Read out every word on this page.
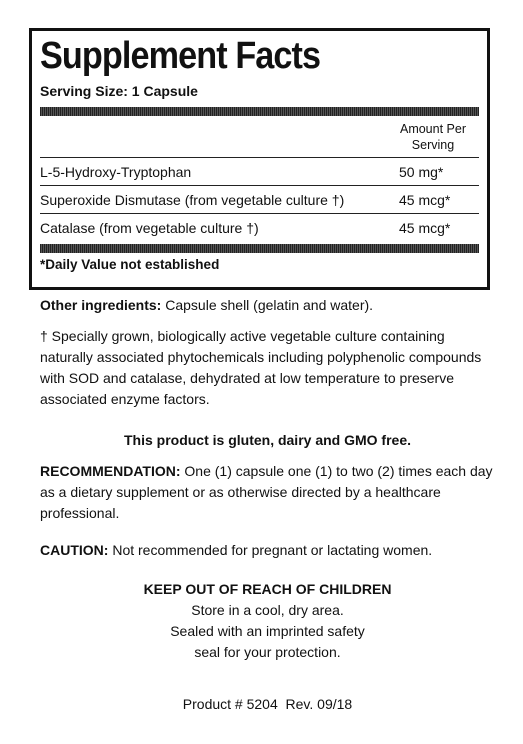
Supplement Facts
Serving Size: 1 Capsule
Amount Per
Serving
L-5-Hydroxy-Tryptophan	50 mg*
Superoxide Dismutase (from vegetable culture †)	45 mcg*
Catalase (from vegetable culture †)	45 mcg*
*Daily Value not established
Other ingredients: Capsule shell (gelatin and water).
† Specially grown, biologically active vegetable culture containing naturally associated phytochemicals including polyphenolic compounds with SOD and catalase, dehydrated at low temperature to preserve associated enzyme factors.
This product is gluten, dairy and GMO free.
RECOMMENDATION: One (1) capsule one (1) to two (2) times each day as a dietary supplement or as otherwise directed by a healthcare professional.
CAUTION: Not recommended for pregnant or lactating women.
KEEP OUT OF REACH OF CHILDREN
Store in a cool, dry area.
Sealed with an imprinted safety
seal for your protection.
Product # 5204  Rev. 09/18
